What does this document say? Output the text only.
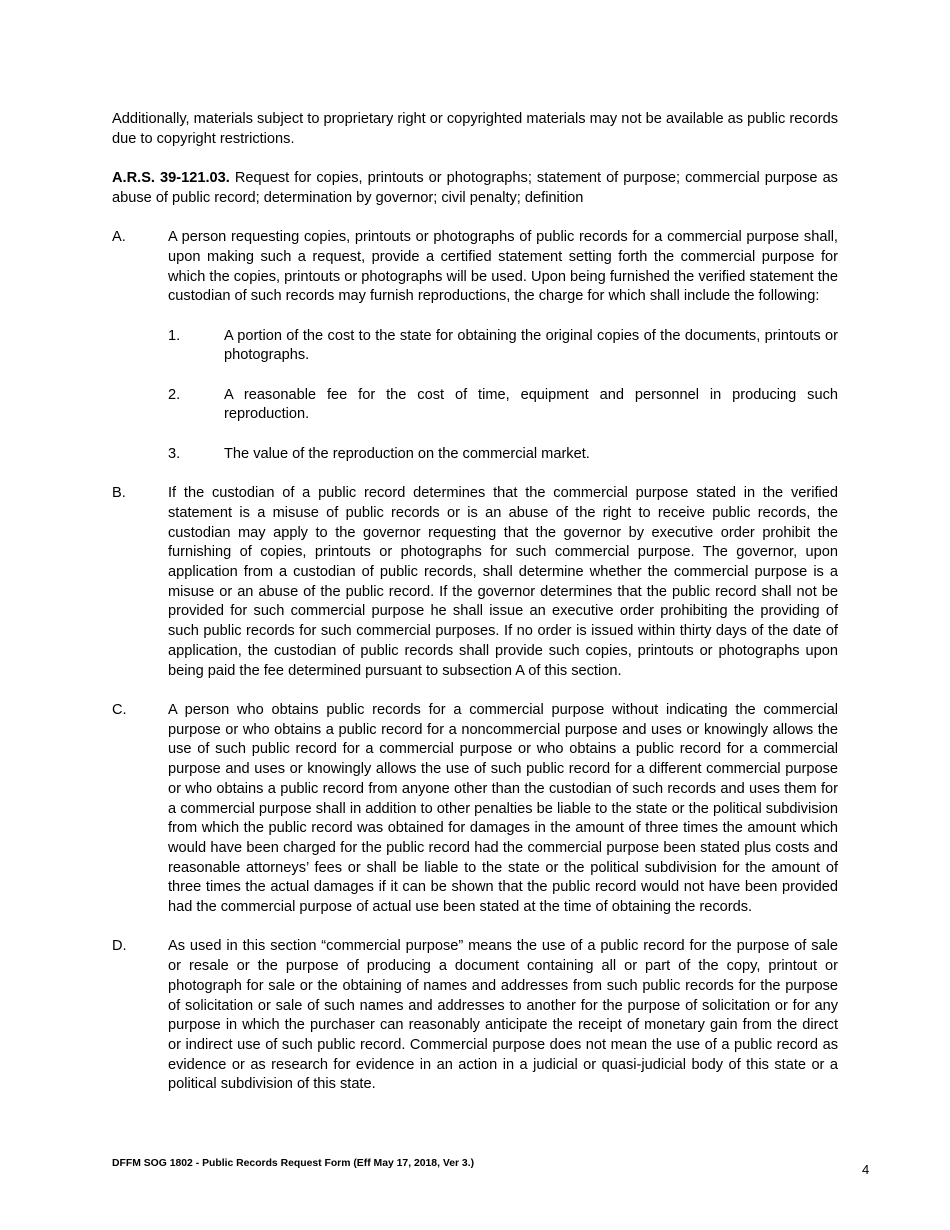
Additionally, materials subject to proprietary right or copyrighted materials may not be available as public records due to copyright restrictions.

A.R.S. 39-121.03. Request for copies, printouts or photographs; statement of purpose; commercial purpose as abuse of public record; determination by governor; civil penalty; definition

A.	A person requesting copies, printouts or photographs of public records for a commercial purpose shall, upon making such a request, provide a certified statement setting forth the commercial purpose for which the copies, printouts or photographs will be used. Upon being furnished the verified statement the custodian of such records may furnish reproductions, the charge for which shall include the following:
1.	A portion of the cost to the state for obtaining the original copies of the documents, printouts or photographs.
2.	A reasonable fee for the cost of time, equipment and personnel in producing such reproduction.
3.	The value of the reproduction on the commercial market.
B.	If the custodian of a public record determines that the commercial purpose stated in the verified statement is a misuse of public records or is an abuse of the right to receive public records, the custodian may apply to the governor requesting that the governor by executive order prohibit the furnishing of copies, printouts or photographs for such commercial purpose. The governor, upon application from a custodian of public records, shall determine whether the commercial purpose is a misuse or an abuse of the public record. If the governor determines that the public record shall not be provided for such commercial purpose he shall issue an executive order prohibiting the providing of such public records for such commercial purposes. If no order is issued within thirty days of the date of application, the custodian of public records shall provide such copies, printouts or photographs upon being paid the fee determined pursuant to subsection A of this section.
C.	A person who obtains public records for a commercial purpose without indicating the commercial purpose or who obtains a public record for a noncommercial purpose and uses or knowingly allows the use of such public record for a commercial purpose or who obtains a public record for a commercial purpose and uses or knowingly allows the use of such public record for a different commercial purpose or who obtains a public record from anyone other than the custodian of such records and uses them for a commercial purpose shall in addition to other penalties be liable to the state or the political subdivision from which the public record was obtained for damages in the amount of three times the amount which would have been charged for the public record had the commercial purpose been stated plus costs and reasonable attorneys’ fees or shall be liable to the state or the political subdivision for the amount of three times the actual damages if it can be shown that the public record would not have been provided had the commercial purpose of actual use been stated at the time of obtaining the records.
D.	As used in this section “commercial purpose” means the use of a public record for the purpose of sale or resale or the purpose of producing a document containing all or part of the copy, printout or photograph for sale or the obtaining of names and addresses from such public records for the purpose of solicitation or sale of such names and addresses to another for the purpose of solicitation or for any purpose in which the purchaser can reasonably anticipate the receipt of monetary gain from the direct or indirect use of such public record. Commercial purpose does not mean the use of a public record as evidence or as research for evidence in an action in a judicial or quasi-judicial body of this state or a political subdivision of this state.
DFFM SOG 1802 - Public Records Request Form (Eff May 17, 2018, Ver 3.)	4
